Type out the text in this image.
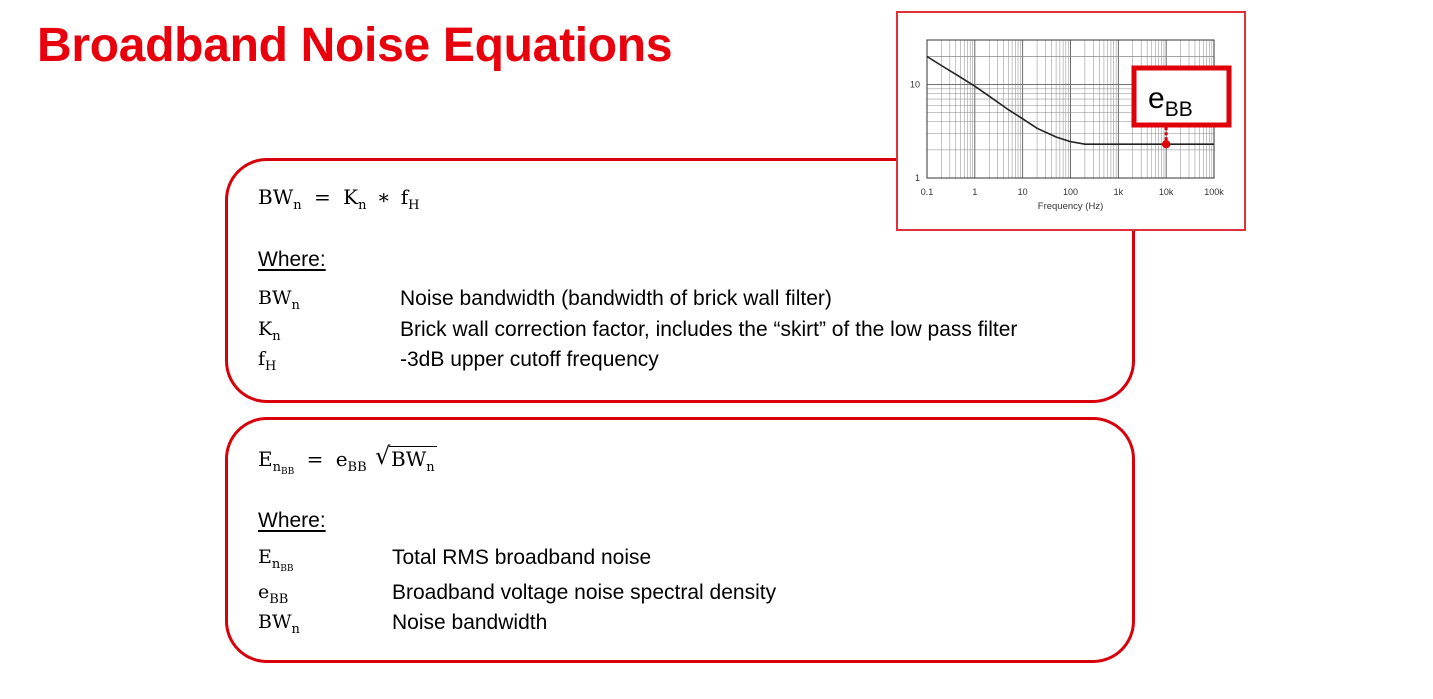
Broadband Noise Equations
$BW_n = K_n$ ∗ $f_H$
Where:
$BW_n$	Noise bandwidth (bandwidth of brick wall filter)
$K_n$	Brick wall correction factor, includes the “skirt” of the low pass filter
$f_H$	-3dB upper cutoff frequency
$E_{n_{BB}} = e_{BB}$ √ $BW_n$
Where:
$E_{n_{BB}}$	Total RMS broadband noise
$e_{BB}$	Broadband voltage noise spectral density
$BW_n$	Noise bandwidth
0.1	1	10	100	1k	10k	100k
1
10
Frequency (Hz)
$e_{BB}$
